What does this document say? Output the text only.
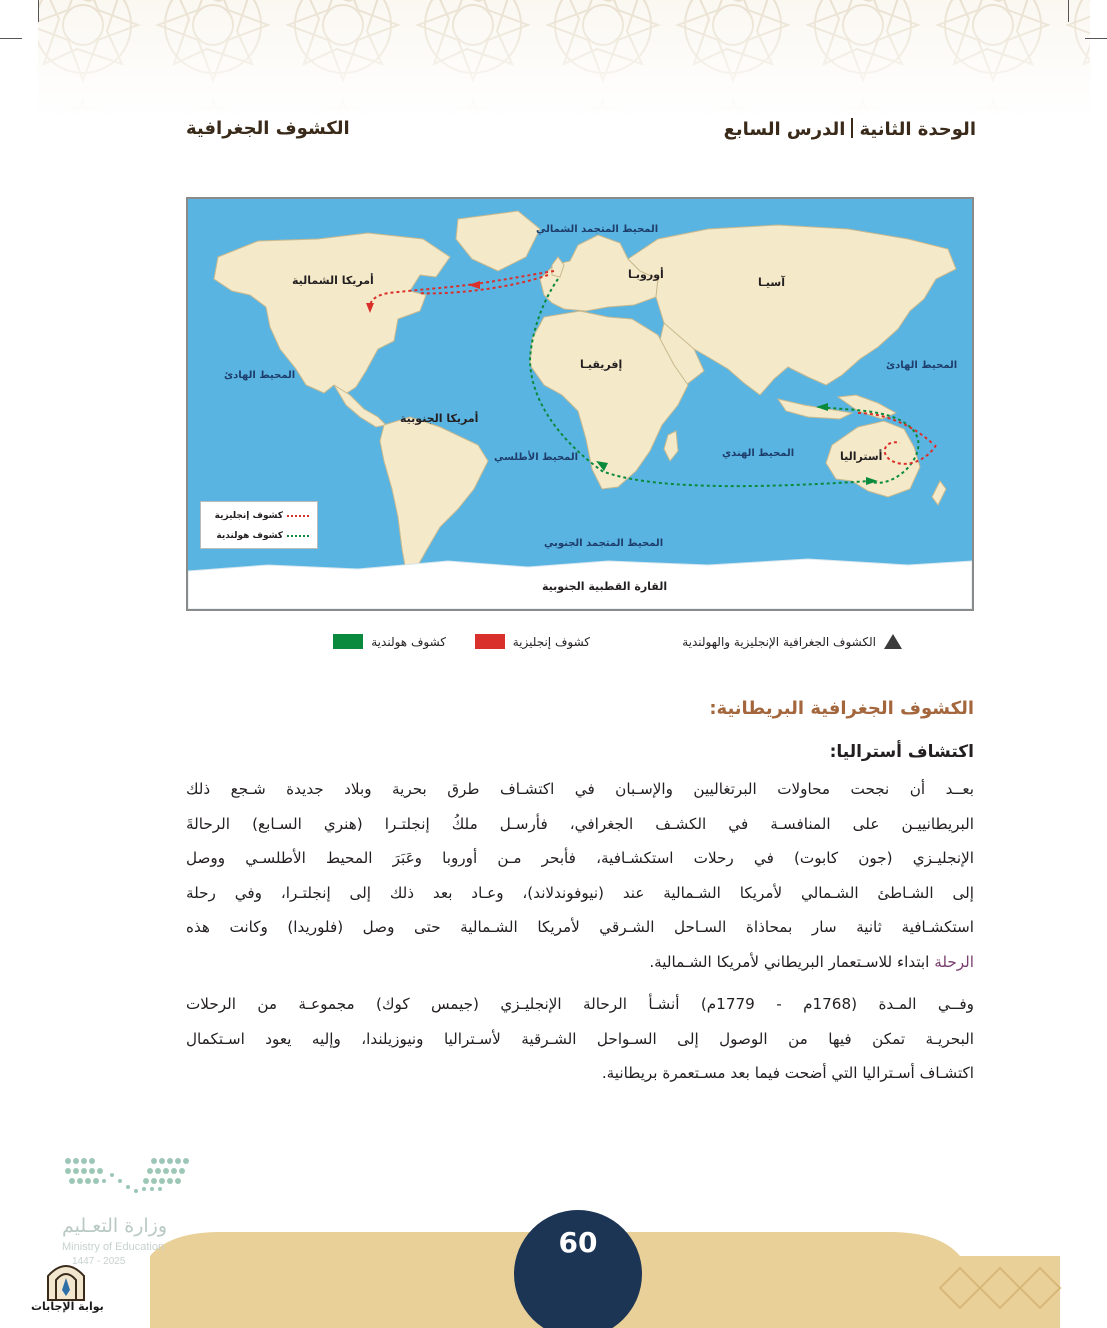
الوحدة الثانيةالدرس السابع
الكشوف الجغرافية
أمريكا الشمالية
أمريكا الجنوبية
أوروبـا
آسيـا
إفريقيـا
أستراليا
القارة القطبية الجنوبية
المحيط المتجمد الشمالي
المحيط الهادئ
المحيط الهادئ
المحيط الأطلسي	المحيط الهندي
المحيط المتجمد الجنوبي
كشوف إنجليزية
كشوف هولندية
الكشوف الجغرافية الإنجليزية والهولندية
كشوف إنجليزية
كشوف هولندية
الكشوف الجغرافية البريطانية:
اكتشاف أستراليا:
بعــد أن نجحت محاولات البرتغاليين والإسـبان في اكتشـاف طرق بحرية وبلاد جديدة شـجع ذلك
البريطانييـن على المنافسـة في الكشـف الجغرافي، فأرسـل ملكُ إنجلتـرا (هنري السـابع) الرحالةَ
الإنجليـزي (جون كابوت) في رحلات استكشـافية، فأبحر مـن أوروبا وعَبَرَ المحيط الأطلسـي ووصل
إلى الشـاطئ الشـمالي لأمريكا الشـمالية عند (نيوفوندلاند)، وعـاد بعد ذلك إلى إنجلتـرا، وفي رحلة
استكشـافية ثانية سار بمحاذاة السـاحل الشـرقي لأمريكا الشـمالية حتى وصل (فلوريدا) وكانت هذه
الرحلة ابتداء للاسـتعمار البريطاني لأمريكا الشـمالية.
وفــي المـدة (1768م - 1779م) أنشـأ الرحالة الإنجليـزي (جيمس كوك) مجموعـة من الرحلات
البحريـة تمكن فيها من الوصول إلى السـواحل الشـرقية لأسـتراليا ونيوزيلندا، وإليه يعود اسـتكمال
اكتشـاف أسـتراليا التي أضحت فيما بعد مسـتعمرة بريطانية.
60
وزارة التعـليم
Ministry of Education
2025 - 1447
بوابة الإجابات
